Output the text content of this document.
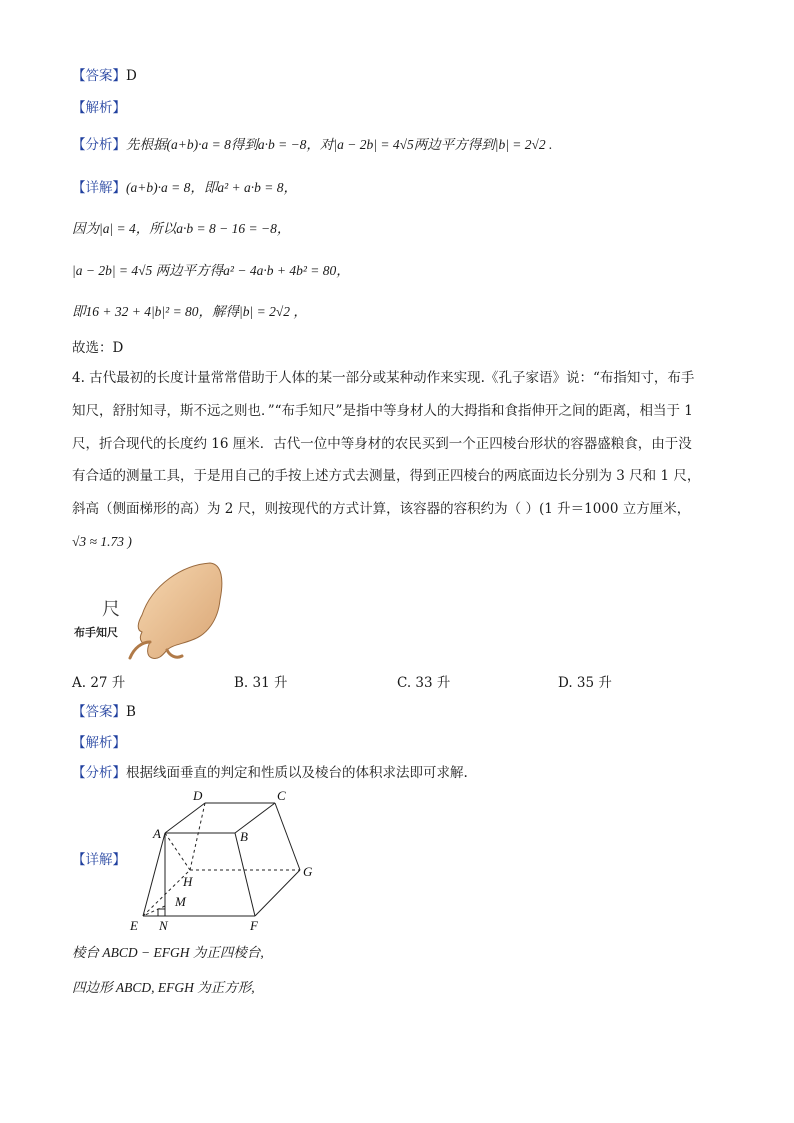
【答案】D
【解析】
【分析】先根据(a+b)·a = 8得到a·b = −8，对|a − 2b| = 4√5两边平方得到|b| = 2√2 .
【详解】(a+b)·a = 8，即a² + a·b = 8，
因为|a| = 4，所以a·b = 8 − 16 = −8，
|a − 2b| = 4√5 两边平方得a² − 4a·b + 4b² = 80，
即16 + 32 + 4|b|² = 80，解得|b| = 2√2 ，
故选：D
4. 古代最初的长度计量常常借助于人体的某一部分或某种动作来实现.《孔子家语》说：“布指知寸，布手
知尺，舒肘知寻，斯不远之则也．”“布手知尺”是指中等身材人的大拇指和食指伸开之间的距离，相当于 1
尺，折合现代的长度约 16 厘米．古代一位中等身材的农民买到一个正四棱台形状的容器盛粮食，由于没
有合适的测量工具，于是用自己的手按上述方式去测量，得到正四棱台的两底面边长分别为 3 尺和 1 尺，
斜高（侧面梯形的高）为 2 尺，则按现代的方式计算，该容器的容积约为（ ）(1 升＝1000 立方厘米，
√3 ≈ 1.73 )
尺
布手知尺
A. 27 升	B. 31 升	C. 33 升	D. 35 升
【答案】B
【解析】
【分析】根据线面垂直的判定和性质以及棱台的体积求法即可求解.
【详解】
D	C
A	B
H
G
M
E N	F
棱台 ABCD − EFGH 为正四棱台,
四边形 ABCD, EFGH 为正方形,
